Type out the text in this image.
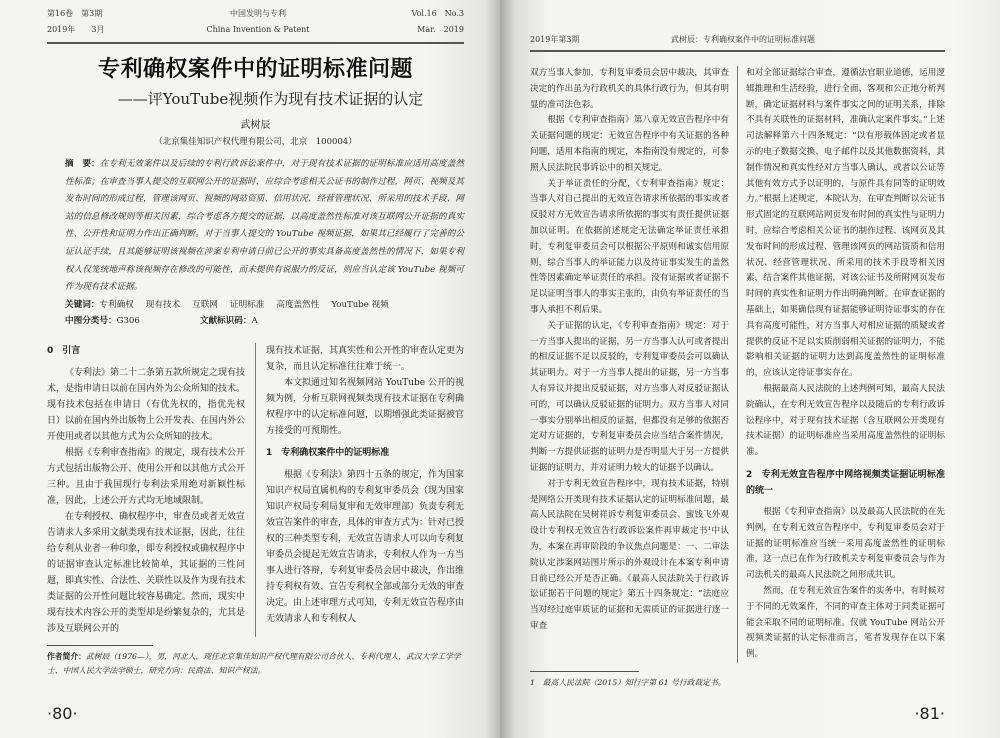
第16卷　第3期
2019年　　3月
中国发明与专利
China Invention & Patent
Vol.16　No.3
Mar.　2019
专利确权案件中的证明标准问题
——评YouTube视频作为现有技术证据的认定
武树辰
（北京集佳知识产权代理有限公司，北京　100004）
摘　要：在专利无效案件以及后续的专利行政诉讼案件中，对于现有技术证据的证明标准应适用高度盖然性标准；在审查当事人提交的互联网公开的证据时，应综合考虑相关公证书的制作过程，网页、视频及其发布时间的形成过程，管理该网页、视频的网站资质、信用状况、经营管理状况、所采用的技术手段、网站的信息修改规则等相关因素，综合考虑各方提交的证据，以高度盖然性标准对该互联网公开证据的真实性、公开性和证明力作出正确判断。对于当事人提交的 YouTube 视频证据，如果其已经履行了完善的公证认证手续，且其能够证明该视频在涉案专利申请日前已公开的事实具备高度盖然性的情况下，如果专利权人仅笼统地声称该视频存在修改的可能性，而未提供有说服力的反证，则应当认定该 YouTube 视频可作为现有技术证据。
关键词：专利确权 现有技术 互联网 证明标准 高度盖然性 YouTube 视频
中图分类号：G306	文献标识码：A
0　引言

《专利法》第二十二条第五款所规定之现有技术，是指申请日以前在国内外为公众所知的技术。现有技术包括在申请日（有优先权的，指优先权日）以前在国内外出版物上公开发表、在国内外公开使用或者以其他方式为公众所知的技术。

根据《专利审查指南》的规定，现有技术公开方式包括出版物公开、使用公开和以其他方式公开三种。且由于我国现行专利法采用绝对新颖性标准，因此，上述公开方式均无地域限制。

在专利授权、确权程序中，审查员或者无效宣告请求人多采用文献类现有技术证据，因此，往往给专利从业者一种印象，即专利授权或确权程序中的证据审查认定标准比较简单，其证据的三性问题，即真实性、合法性、关联性以及作为现有技术类证据的公开性问题比较容易确定。然而，现实中现有技术内容公开的类型却是纷繁复杂的，尤其是涉及互联网公开的

现有技术证据，其真实性和公开性的审查认定更为复杂，而且认定标准往往难于统一。

本文拟通过知名视频网站 YouTube 公开的视频为例，分析互联网视频类现有技术证据在专利确权程序中的认定标准问题，以期增强此类证据被官方接受的可预期性。

1　专利确权案件中的证明标准

根据《专利法》第四十五条的规定，作为国家知识产权局直属机构的专利复审委员会（现为国家知识产权局专利局复审和无效审理部）负责专利无效宣告案件的审查，具体的审查方式为：针对已授权的三种类型专利，无效宣告请求人可以向专利复审委员会提起无效宣告请求，专利权人作为一方当事人进行答辩，专利复审委员会居中裁决，作出维持专利权有效、宣告专利权全部或部分无效的审查决定。由上述审理方式可知，专利无效宣告程序由无效请求人和专利权人

作者简介：武树辰（1976—），男，河北人，现任北京集佳知识产权代理有限公司合伙人、专利代理人，武汉大学工学学士、中国人民大学法学硕士，研究方向：民商法、知识产权法。
·80·
2019年第3期	武树辰：专利确权案件中的证明标准问题

双方当事人参加，专利复审委员会居中裁决，其审查决定的作出虽为行政机关的具体行政行为，但其有明显的准司法色彩。

根据《专利审查指南》第八章无效宣告程序中有关证据问题的规定：无效宣告程序中有关证据的各种问题，适用本指南的规定，本指南没有规定的，可参照人民法院民事诉讼中的相关规定。

关于举证责任的分配，《专利审查指南》规定：当事人对自己提出的无效宣告请求所依据的事实或者反驳对方无效宣告请求所依据的事实有责任提供证据加以证明。在依据前述规定无法确定举证责任承担时，专利复审委员会可以根据公平原则和诚实信用原则，综合当事人的举证能力以及待证事实发生的盖然性等因素确定举证责任的承担。没有证据或者证据不足以证明当事人的事实主张的，由负有举证责任的当事人承担不利后果。

关于证据的认定，《专利审查指南》规定：对于一方当事人提出的证据，另一方当事人认可或者提出的相反证据不足以反驳的，专利复审委员会可以确认其证明力。对于一方当事人提出的证据，另一方当事人有异议并提出反驳证据，对方当事人对反驳证据认可的，可以确认反驳证据的证明力。双方当事人对同一事实分别举出相反的证据，但都没有足够的依据否定对方证据的，专利复审委员会应当结合案件情况，判断一方提供证据的证明力是否明显大于另一方提供证据的证明力，并对证明力较大的证据予以确认。

对于专利无效宣告程序中，现有技术证据，特别是网络公开类现有技术证据认定的证明标准问题，最高人民法院在吴树祥诉专利复审委员会、蜜饯飞外观设计专利权无效宣告行政诉讼案件再审裁定书¹中认为，本案在再审阶段的争议焦点问题是：一、二审法院认定涉案网站图片所示的外观设计在本案专利申请日前已经公开是否正确。《最高人民法院关于行政诉讼证据若干问题的规定》第五十四条规定：“法庭应当对经过庭审质证的证据和无需质证的证据进行逐一审查

和对全部证据综合审查，遵循法官职业道德，运用逻辑推理和生活经验，进行全面、客观和公正地分析判断，确定证据材料与案件事实之间的证明关系，排除不具有关联性的证据材料，准确认定案件事实。”上述司法解释第六十四条规定：“以有形载体固定或者显示的电子数据交换、电子邮件以及其他数据资料，其制作情况和真实性经对方当事人确认，或者以公证等其他有效方式予以证明的，与原件具有同等的证明效力。”根据上述规定，本院认为，在审查判断以公证书形式固定的互联网站网页发布时间的真实性与证明力时，应综合考虑相关公证书的制作过程、该网页及其发布时间的形成过程、管理该网页的网站资质和信用状况、经营管理状况、所采用的技术手段等相关因素，结合案件其他证据，对该公证书及所附网页发布时间的真实性和证明力作出明确判断。在审查证据的基础上，如果确信现有证据能够证明待证事实的存在具有高度可能性，对方当事人对相应证据的质疑或者提供的反证不足以实质削弱相关证据的证明力，不能影响相关证据的证明力达到高度盖然性的证明标准的，应该认定待证事实存在。

根据最高人民法院的上述判例可知，最高人民法院确认，在专利无效宣告程序以及随后的专利行政诉讼程序中，对于现有技术证据（含互联网公开类现有技术证据）的证明标准应当采用高度盖然性的证明标准。

2　专利无效宣告程序中网络视频类证据证明标准的统一

根据《专利审查指南》以及最高人民法院的在先判例，在专利无效宣告程序中，专利复审委员会对于证据的证明标准应当统一采用高度盖然性的证明标准，这一点已在作为行政机关专利复审委员会与作为司法机关的最高人民法院之间形成共识。

然而，在专利无效宣告案件的实务中，有时候对于不同的无效案件，不同的审查主体对于同类证据可能会采取不同的证明标准。仅就 YouTube 网站公开视频类证据的认定标准而言，笔者发现存在以下案例。

1　最高人民法院（2015）知行字第 61 号行政裁定书。
·81·
